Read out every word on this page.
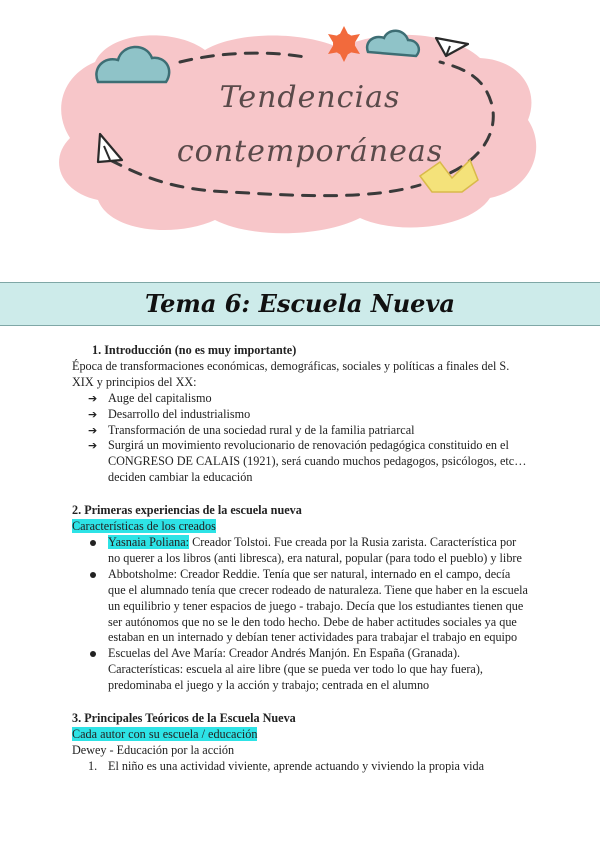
Tendencias
contemporáneas
Tema 6: Escuela Nueva
1. Introducción (no es muy importante)
Época de transformaciones económicas, demográficas, sociales y políticas a finales del S.
XIX y principios del XX:
➔ Auge del capitalismo
➔ Desarrollo del industrialismo
➔ Transformación de una sociedad rural y de la familia patriarcal
➔ Surgirá un movimiento revolucionario de renovación pedagógica constituido en el
CONGRESO DE CALAIS (1921), será cuando muchos pedagogos, psicólogos, etc…
deciden cambiar la educación
2. Primeras experiencias de la escuela nueva
Características de los creados
Yasnaia Poliana: Creador Tolstoi. Fue creada por la Rusia zarista. Característica por
no querer a los libros (anti libresca), era natural, popular (para todo el pueblo) y libre
Abbotsholme: Creador Reddie. Tenía que ser natural, internado en el campo, decía
que el alumnado tenía que crecer rodeado de naturaleza. Tiene que haber en la escuela
un equilibrio y tener espacios de juego - trabajo. Decía que los estudiantes tienen que
ser autónomos que no se le den todo hecho. Debe de haber actitudes sociales ya que
estaban en un internado y debían tener actividades para trabajar el trabajo en equipo
Escuelas del Ave María: Creador Andrés Manjón. En España (Granada).
Características: escuela al aire libre (que se pueda ver todo lo que hay fuera),
predominaba el juego y la acción y trabajo; centrada en el alumno
3. Principales Teóricos de la Escuela Nueva
Cada autor con su escuela / educación
Dewey - Educación por la acción
1. El niño es una actividad viviente, aprende actuando y viviendo la propia vida
